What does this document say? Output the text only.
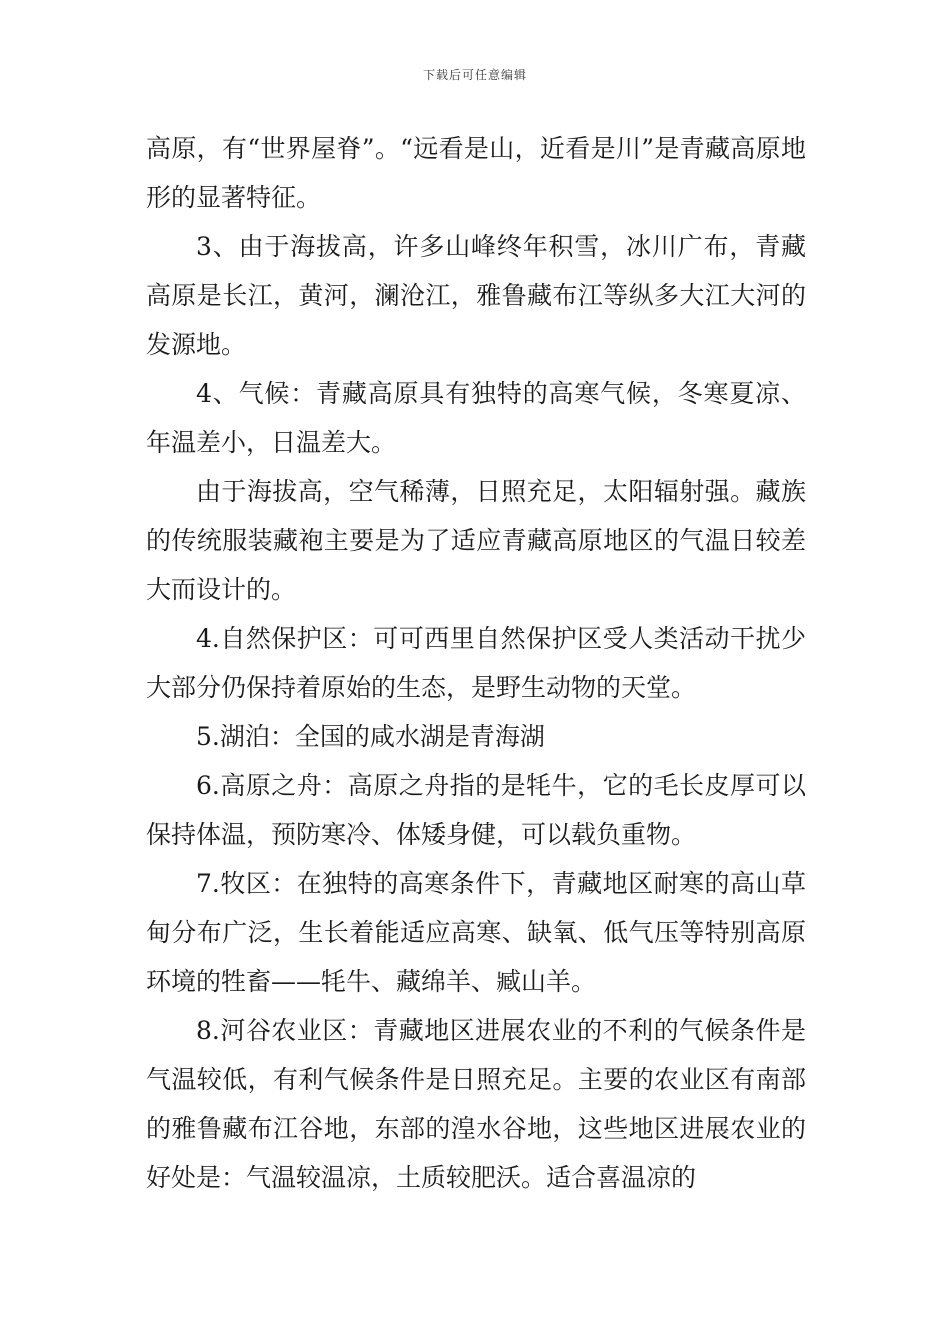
下载后可任意编辑

高原，有“世界屋脊”。“远看是山，近看是川”是青藏高原地形的显著特征。

3、由于海拔高，许多山峰终年积雪，冰川广布，青藏高原是长江，黄河，澜沧江，雅鲁藏布江等纵多大江大河的发源地。

4、气候：青藏高原具有独特的高寒气候，冬寒夏凉、年温差小，日温差大。

由于海拔高，空气稀薄，日照充足，太阳辐射强。藏族的传统服装藏袍主要是为了适应青藏高原地区的气温日较差大而设计的。

4.自然保护区：可可西里自然保护区受人类活动干扰少大部分仍保持着原始的生态，是野生动物的天堂。

5.湖泊：全国的咸水湖是青海湖

6.高原之舟：高原之舟指的是牦牛，它的毛长皮厚可以保持体温，预防寒冷、体矮身健，可以载负重物。

7.牧区：在独特的高寒条件下，青藏地区耐寒的高山草甸分布广泛，生长着能适应高寒、缺氧、低气压等特别高原环境的牲畜——牦牛、藏绵羊、臧山羊。

8.河谷农业区：青藏地区进展农业的不利的气候条件是气温较低，有利气候条件是日照充足。主要的农业区有南部的雅鲁藏布江谷地，东部的湟水谷地，这些地区进展农业的好处是：气温较温凉，土质较肥沃。适合喜温凉的
